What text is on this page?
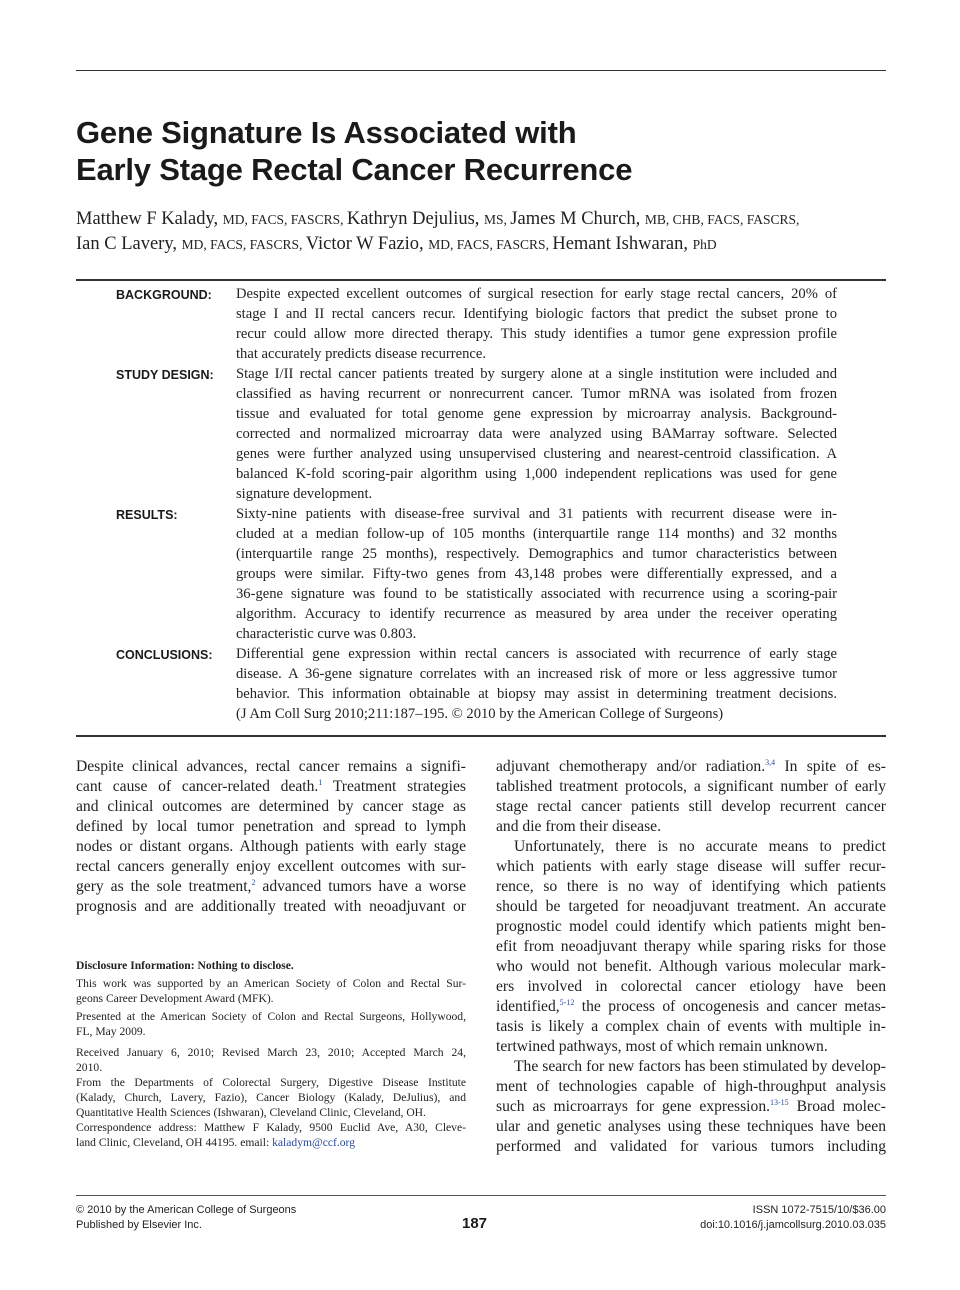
Gene Signature Is Associated with
Early Stage Rectal Cancer Recurrence
Matthew F Kalady, MD, FACS, FASCRS, Kathryn Dejulius, MS, James M Church, MB, CHB, FACS, FASCRS,
Ian C Lavery, MD, FACS, FASCRS, Victor W Fazio, MD, FACS, FASCRS, Hemant Ishwaran, PhD
BACKGROUND: Despite expected excellent outcomes of surgical resection for early stage rectal cancers, 20% of
stage I and II rectal cancers recur. Identifying biologic factors that predict the subset prone to
recur could allow more directed therapy. This study identifies a tumor gene expression profile
that accurately predicts disease recurrence.
STUDY DESIGN: Stage I/II rectal cancer patients treated by surgery alone at a single institution were included and
classified as having recurrent or nonrecurrent cancer. Tumor mRNA was isolated from frozen
tissue and evaluated for total genome gene expression by microarray analysis. Background-
corrected and normalized microarray data were analyzed using BAMarray software. Selected
genes were further analyzed using unsupervised clustering and nearest-centroid classification. A
balanced K-fold scoring-pair algorithm using 1,000 independent replications was used for gene
signature development.
RESULTS:	Sixty-nine patients with disease-free survival and 31 patients with recurrent disease were in-
cluded at a median follow-up of 105 months (interquartile range 114 months) and 32 months
(interquartile range 25 months), respectively. Demographics and tumor characteristics between
groups were similar. Fifty-two genes from 43,148 probes were differentially expressed, and a
36-gene signature was found to be statistically associated with recurrence using a scoring-pair
algorithm. Accuracy to identify recurrence as measured by area under the receiver operating
characteristic curve was 0.803.
CONCLUSIONS: Differential gene expression within rectal cancers is associated with recurrence of early stage
disease. A 36-gene signature correlates with an increased risk of more or less aggressive tumor
behavior. This information obtainable at biopsy may assist in determining treatment decisions.
(J Am Coll Surg 2010;211:187–195. © 2010 by the American College of Surgeons)
Despite clinical advances, rectal cancer remains a signifi-
cant cause of cancer-related death.$^1$ Treatment strategies
and clinical outcomes are determined by cancer stage as
defined by local tumor penetration and spread to lymph
nodes or distant organs. Although patients with early stage
rectal cancers generally enjoy excellent outcomes with sur-
gery as the sole treatment,$^2$ advanced tumors have a worse
prognosis and are additionally treated with neoadjuvant or
Disclosure Information: Nothing to disclose.
This work was supported by an American Society of Colon and Rectal Sur-
geons Career Development Award (MFK).
Presented at the American Society of Colon and Rectal Surgeons, Hollywood,
FL, May 2009.
Received January 6, 2010; Revised March 23, 2010; Accepted March 24,
2010.
From the Departments of Colorectal Surgery, Digestive Disease Institute
(Kalady, Church, Lavery, Fazio), Cancer Biology (Kalady, DeJulius), and
Quantitative Health Sciences (Ishwaran), Cleveland Clinic, Cleveland, OH.
Correspondence address: Matthew F Kalady, 9500 Euclid Ave, A30, Cleve-
land Clinic, Cleveland, OH 44195. email: kaladym@ccf.org
adjuvant chemotherapy and/or radiation.$^{3,4}$ In spite of es-
tablished treatment protocols, a significant number of early
stage rectal cancer patients still develop recurrent cancer
and die from their disease.
Unfortunately, there is no accurate means to predict
which patients with early stage disease will suffer recur-
rence, so there is no way of identifying which patients
should be targeted for neoadjuvant treatment. An accurate
prognostic model could identify which patients might ben-
efit from neoadjuvant therapy while sparing risks for those
who would not benefit. Although various molecular mark-
ers involved in colorectal cancer etiology have been
identified,$^{5-12}$ the process of oncogenesis and cancer metas-
tasis is likely a complex chain of events with multiple in-
tertwined pathways, most of which remain unknown.
The search for new factors has been stimulated by develop-
ment of technologies capable of high-throughput analysis
such as microarrays for gene expression.$^{13-15}$ Broad molec-
ular and genetic analyses using these techniques have been
performed and validated for various tumors including
© 2010 by the American College of Surgeons
Published by Elsevier Inc.	187
ISSN 1072-7515/10/$36.00
doi:10.1016/j.jamcollsurg.2010.03.035
